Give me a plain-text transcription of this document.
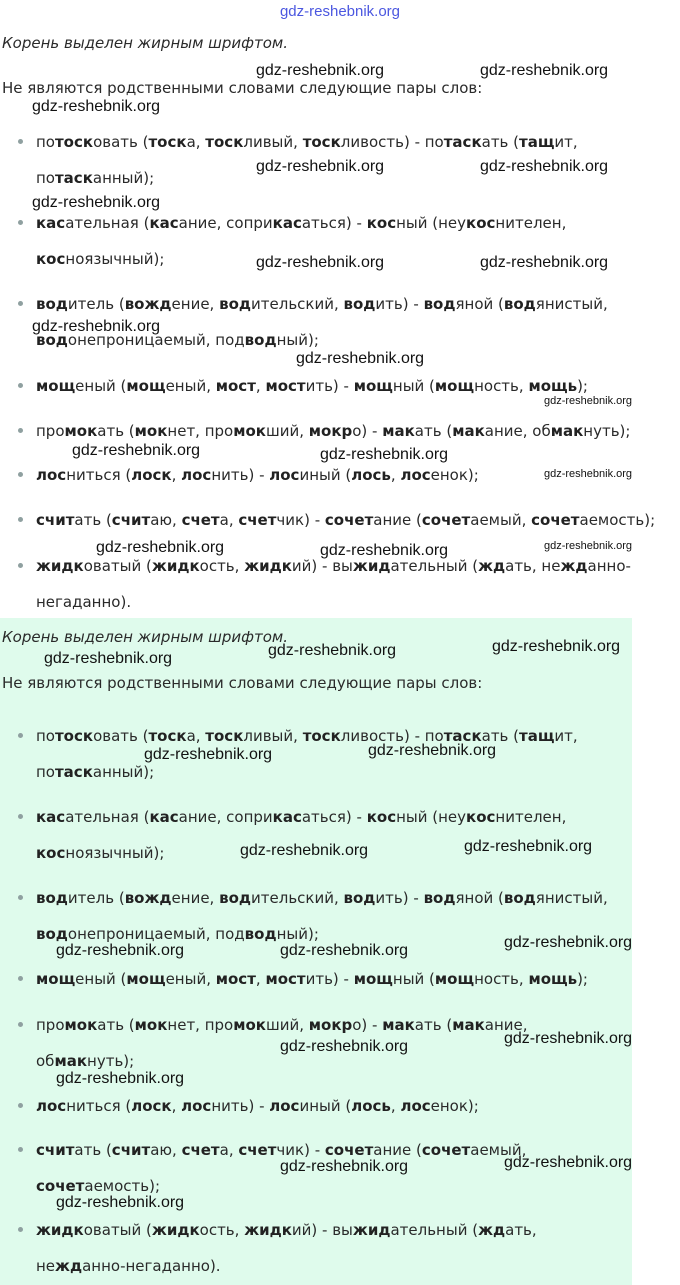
gdz-reshebnik.org
Корень выделен жирным шрифтом.
Не являются родственными словами следующие пары слов:
потосковать (тоска, тоскливый, тоскливость) - потаскать (тащит,
потасканный);
касательная (касание, соприкасаться) - косный (неукоснителен,
косноязычный);
водитель (вождение, водительский, водить) - водяной (водянистый,
водонепроницаемый, подводный);
мощеный (мощеный, мост, мостить) - мощный (мощность, мощь);
промокать (мокнет, промокший, мокро) - макать (макание, обмакнуть);
лосниться (лоск, лоснить) - лосиный (лось, лосенок);
считать (считаю, счета, счетчик) - сочетание (сочетаемый, сочетаемость);
жидковатый (жидкость, жидкий) - выжидательный (ждать, нежданно-
негаданно).
Корень выделен жирным шрифтом.
Не являются родственными словами следующие пары слов:
потосковать (тоска, тоскливый, тоскливость) - потаскать (тащит,
потасканный);
касательная (касание, соприкасаться) - косный (неукоснителен,
косноязычный);
водитель (вождение, водительский, водить) - водяной (водянистый,
водонепроницаемый, подводный);
мощеный (мощеный, мост, мостить) - мощный (мощность, мощь);
промокать (мокнет, промокший, мокро) - макать (макание,
обмакнуть);
лосниться (лоск, лоснить) - лосиный (лось, лосенок);
считать (считаю, счета, счетчик) - сочетание (сочетаемый,
сочетаемость);
жидковатый (жидкость, жидкий) - выжидательный (ждать,
нежданно-негаданно).
gdz-reshebnik.org	gdz-reshebnik.org
gdz-reshebnik.org
gdz-reshebnik.org	gdz-reshebnik.org
gdz-reshebnik.org
gdz-reshebnik.org	gdz-reshebnik.org
gdz-reshebnik.org
gdz-reshebnik.org
gdz-reshebnik.org
gdz-reshebnik.org	gdz-reshebnik.org
gdz-reshebnik.org
gdz-reshebnik.org	gdz-reshebnik.org	gdz-reshebnik.org
gdz-reshebnik.org	gdz-reshebnik.org
gdz-reshebnik.org
gdz-reshebnik.org	gdz-reshebnik.org
gdz-reshebnik.org	gdz-reshebnik.org
gdz-reshebnik.org	gdz-reshebnik.org	gdz-reshebnik.org
gdz-reshebnik.org	gdz-reshebnik.org
gdz-reshebnik.org
gdz-reshebnik.org	gdz-reshebnik.org
gdz-reshebnik.org
